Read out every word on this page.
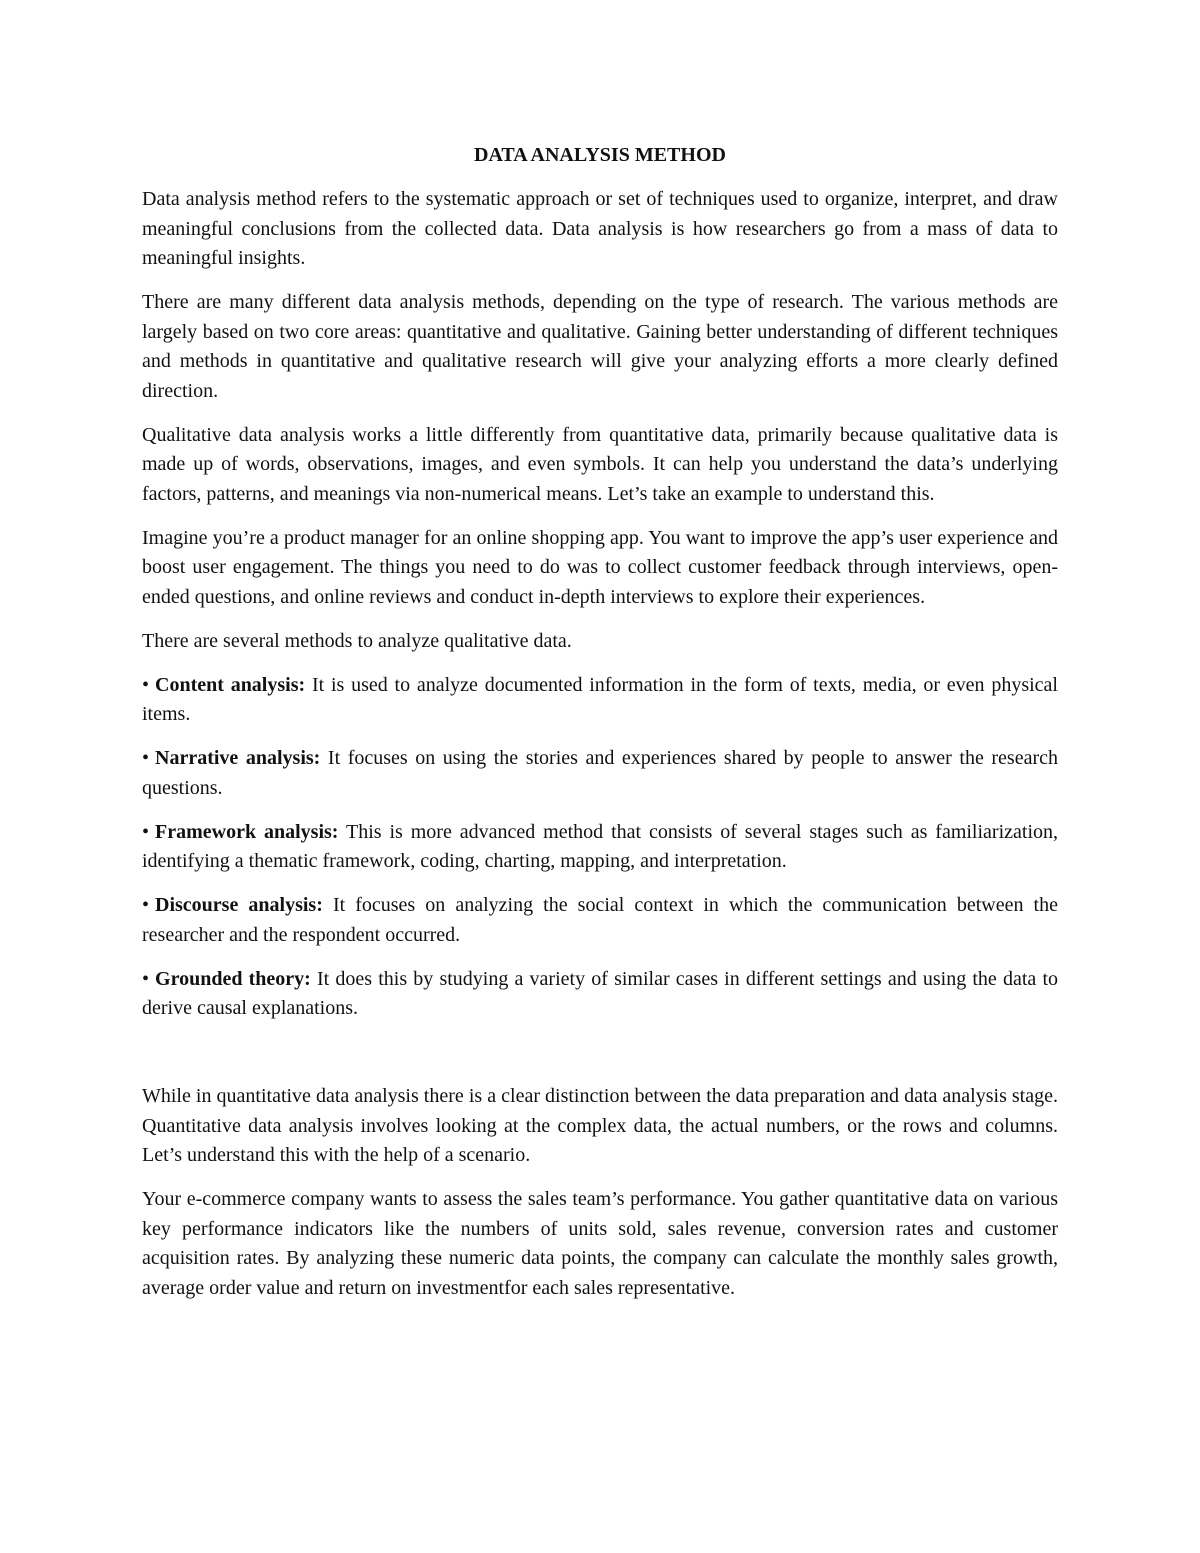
DATA ANALYSIS METHOD

Data analysis method refers to the systematic approach or set of techniques used to organize, interpret, and draw meaningful conclusions from the collected data. Data analysis is how researchers go from a mass of data to meaningful insights.

There are many different data analysis methods, depending on the type of research. The various methods are largely based on two core areas: quantitative and qualitative. Gaining better understanding of different techniques and methods in quantitative and qualitative research will give your analyzing efforts a more clearly defined direction.

Qualitative data analysis works a little differently from quantitative data, primarily because qualitative data is made up of words, observations, images, and even symbols. It can help you understand the data’s underlying factors, patterns, and meanings via non-numerical means. Let’s take an example to understand this.

Imagine you’re a product manager for an online shopping app. You want to improve the app’s user experience and boost user engagement. The things you need to do was to collect customer feedback through interviews, open-ended questions, and online reviews and conduct in-depth interviews to explore their experiences.

There are several methods to analyze qualitative data.

• Content analysis: It is used to analyze documented information in the form of texts, media, or even physical items.

• Narrative analysis: It focuses on using the stories and experiences shared by people to answer the research questions.

• Framework analysis: This is more advanced method that consists of several stages such as familiarization, identifying a thematic framework, coding, charting, mapping, and interpretation.

• Discourse analysis: It focuses on analyzing the social context in which the communication between the researcher and the respondent occurred.

• Grounded theory: It does this by studying a variety of similar cases in different settings and using the data to derive causal explanations.

While in quantitative data analysis there is a clear distinction between the data preparation and data analysis stage. Quantitative data analysis involves looking at the complex data, the actual numbers, or the rows and columns. Let’s understand this with the help of a scenario.

Your e-commerce company wants to assess the sales team’s performance. You gather quantitative data on various key performance indicators like the numbers of units sold, sales revenue, conversion rates and customer acquisition rates. By analyzing these numeric data points, the company can calculate the monthly sales growth, average order value and return on investmentfor each sales representative.
